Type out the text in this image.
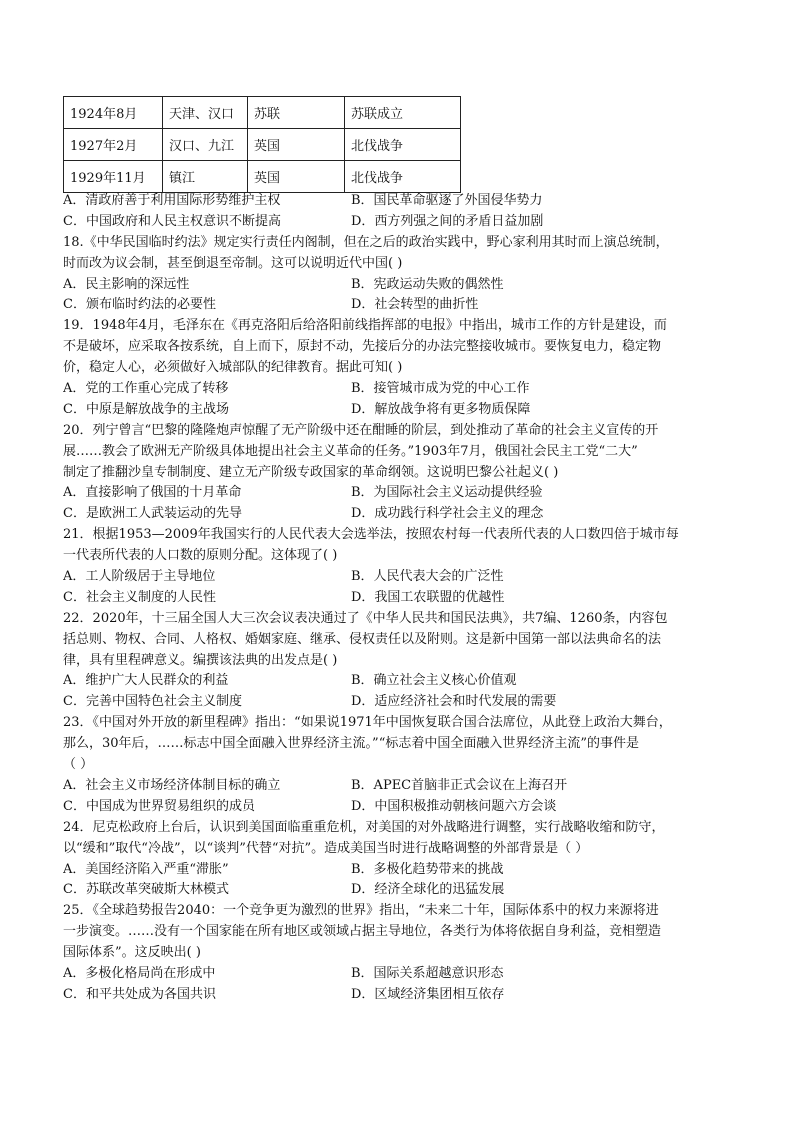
1924年8月	天津、汉口	苏联	苏联成立
1927年2月	汉口、九江	英国	北伐战争
1929年11月	镇江	英国	北伐战争
A．清政府善于利用国际形势维护主权	B．国民革命驱逐了外国侵华势力
C．中国政府和人民主权意识不断提高	D．西方列强之间的矛盾日益加剧
18.《中华民国临时约法》规定实行责任内阁制，但在之后的政治实践中，野心家利用其时而上演总统制，
时而改为议会制，甚至倒退至帝制。这可以说明近代中国( )
A．民主影响的深远性	B．宪政运动失败的偶然性
C．颁布临时约法的必要性	D．社会转型的曲折性
19．1948年4月，毛泽东在《再克洛阳后给洛阳前线指挥部的电报》中指出，城市工作的方针是建设，而
不是破坏，应采取各按系统，自上而下，原封不动，先接后分的办法完整接收城市。要恢复电力，稳定物
价，稳定人心，必须做好入城部队的纪律教育。据此可知( )
A．党的工作重心完成了转移	B．接管城市成为党的中心工作
C．中原是解放战争的主战场	D．解放战争将有更多物质保障
20．列宁曾言“巴黎的隆隆炮声惊醒了无产阶级中还在酣睡的阶层，到处推动了革命的社会主义宣传的开
展……教会了欧洲无产阶级具体地提出社会主义革命的任务。”1903年7月，俄国社会民主工党“二大”
制定了推翻沙皇专制制度、建立无产阶级专政国家的革命纲领。这说明巴黎公社起义( )
A．直接影响了俄国的十月革命	B．为国际社会主义运动提供经验
C．是欧洲工人武装运动的先导	D．成功践行科学社会主义的理念
21．根据1953—2009年我国实行的人民代表大会选举法，按照农村每一代表所代表的人口数四倍于城市每
一代表所代表的人口数的原则分配。这体现了( )
A．工人阶级居于主导地位	B．人民代表大会的广泛性
C．社会主义制度的人民性	D．我国工农联盟的优越性
22．2020年，十三届全国人大三次会议表决通过了《中华人民共和国民法典》，共7编、1260条，内容包
括总则、物权、合同、人格权、婚姻家庭、继承、侵权责任以及附则。这是新中国第一部以法典命名的法
律，具有里程碑意义。编撰该法典的出发点是( )
A．维护广大人民群众的利益	B．确立社会主义核心价值观
C．完善中国特色社会主义制度	D．适应经济社会和时代发展的需要
23．《中国对外开放的新里程碑》指出：“如果说1971年中国恢复联合国合法席位，从此登上政治大舞台，
那么，30年后，……标志中国全面融入世界经济主流。”“标志着中国全面融入世界经济主流”的事件是
（ ）
A．社会主义市场经济体制目标的确立	B．APEC首脑非正式会议在上海召开
C．中国成为世界贸易组织的成员	D．中国积极推动朝核问题六方会谈
24．尼克松政府上台后，认识到美国面临重重危机，对美国的对外战略进行调整，实行战略收缩和防守，
以“缓和”取代“冷战”，以“谈判”代替“对抗”。造成美国当时进行战略调整的外部背景是（ ）
A．美国经济陷入严重“滞胀”	B．多极化趋势带来的挑战
C．苏联改革突破斯大林模式	D．经济全球化的迅猛发展
25．《全球趋势报告2040：一个竞争更为激烈的世界》指出，“未来二十年，国际体系中的权力来源将进
一步演变。……没有一个国家能在所有地区或领域占据主导地位，各类行为体将依据自身利益，竞相塑造
国际体系”。这反映出( )
A．多极化格局尚在形成中	B．国际关系超越意识形态
C．和平共处成为各国共识	D．区域经济集团相互依存
